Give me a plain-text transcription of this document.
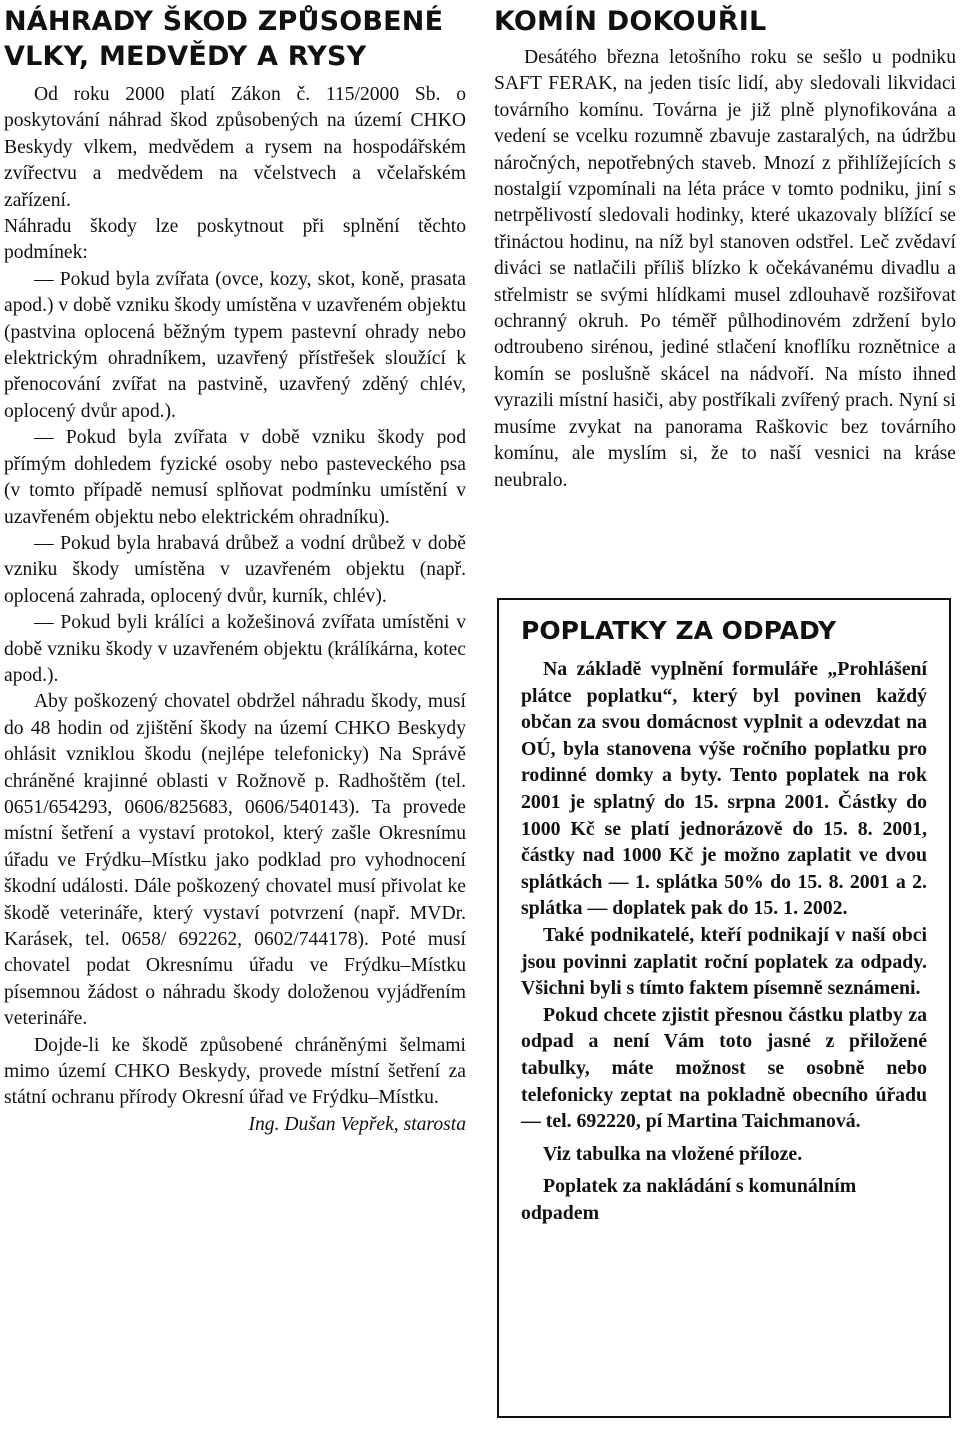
NÁHRADY ŠKOD ZPŮSOBENÉ VLKY, MEDVĚDY A RYSY

Od roku 2000 platí Zákon č. 115/2000 Sb. o poskytování náhrad škod způsobených na území CHKO Beskydy vlkem, medvědem a rysem na hospodářském zvířectvu a medvědem na včelstvech a včelařském zařízení.

Náhradu škody lze poskytnout při splnění těchto podmínek:

— Pokud byla zvířata (ovce, kozy, skot, koně, prasata apod.) v době vzniku škody umístěna v uzavřeném objektu (pastvina oplocená běžným typem pastevní ohrady nebo elektrickým ohradníkem, uzavřený přístřešek sloužící k přenocování zvířat na pastvině, uzavřený zděný chlév, oplocený dvůr apod.).

— Pokud byla zvířata v době vzniku škody pod přímým dohledem fyzické osoby nebo pasteveckého psa (v tomto případě nemusí splňovat podmínku umístění v uzavřeném objektu nebo elektrickém ohradníku).

— Pokud byla hrabavá drůbež a vodní drůbež v době vzniku škody umístěna v uzavřeném objektu (např. oplocená zahrada, oplocený dvůr, kurník, chlév).

— Pokud byli králíci a kožešinová zvířata umístěni v době vzniku škody v uzavřeném objektu (králíkárna, kotec apod.).

Aby poškozený chovatel obdržel náhradu škody, musí do 48 hodin od zjištění škody na území CHKO Beskydy ohlásit vzniklou škodu (nejlépe telefonicky) Na Správě chráněné krajinné oblasti v Rožnově p. Radhoštěm (tel. 0651/654293, 0606/825683, 0606/540143). Ta provede místní šetření a vystaví protokol, který zašle Okresnímu úřadu ve Frýdku–Místku jako podklad pro vyhodnocení škodní události. Dále poškozený chovatel musí přivolat ke škodě veterináře, který vystaví potvrzení (např. MVDr. Karásek, tel. 0658/ 692262, 0602/744178). Poté musí chovatel podat Okresnímu úřadu ve Frýdku–Místku písemnou žádost o náhradu škody doloženou vyjádřením veterináře.

Dojde-li ke škodě způsobené chráněnými šelmami mimo území CHKO Beskydy, provede místní šetření za státní ochranu přírody Okresní úřad ve Frýdku–Místku.

Ing. Dušan Vepřek, starosta

KOMÍN DOKOUŘIL

Desátého března letošního roku se sešlo u podniku SAFT FERAK, na jeden tisíc lidí, aby sledovali likvidaci továrního komínu. Továrna je již plně plynofikována a vedení se vcelku rozumně zbavuje zastaralých, na údržbu náročných, nepotřebných staveb. Mnozí z přihlížejících s nostalgií vzpomínali na léta práce v tomto podniku, jiní s netrpělivostí sledovali hodinky, které ukazovaly blížící se třináctou hodinu, na níž byl stanoven odstřel. Leč zvědaví diváci se natlačili příliš blízko k očekávanému divadlu a střelmistr se svými hlídkami musel zdlouhavě rozšiřovat ochranný okruh. Po téměř půlhodinovém zdržení bylo odtroubeno sirénou, jediné stlačení knoflíku roznětnice a komín se poslušně skácel na nádvoří. Na místo ihned vyrazili místní hasiči, aby postříkali zvířený prach. Nyní si musíme zvykat na panorama Raškovic bez továrního komínu, ale myslím si, že to naší vesnici na kráse neubralo.

POPLATKY ZA ODPADY

Na základě vyplnění formuláře „Prohlášení plátce poplatku“, který byl povinen každý občan za svou domácnost vyplnit a odevzdat na OÚ, byla stanovena výše ročního poplatku pro rodinné domky a byty. Tento poplatek na rok 2001 je splatný do 15. srpna 2001. Částky do 1000 Kč se platí jednorázově do 15. 8. 2001, částky nad 1000 Kč je možno zaplatit ve dvou splátkách — 1. splátka 50% do 15. 8. 2001 a 2. splátka — doplatek pak do 15. 1. 2002.

Také podnikatelé, kteří podnikají v naší obci jsou povinni zaplatit roční poplatek za odpady. Všichni byli s tímto faktem písemně seznámeni.

Pokud chcete zjistit přesnou částku platby za odpad a není Vám toto jasné z přiložené tabulky, máte možnost se osobně nebo telefonicky zeptat na pokladně obecního úřadu — tel. 692220, pí Martina Taichmanová.

Viz tabulka na vložené příloze.

Poplatek za nakládání s komunálním odpadem
